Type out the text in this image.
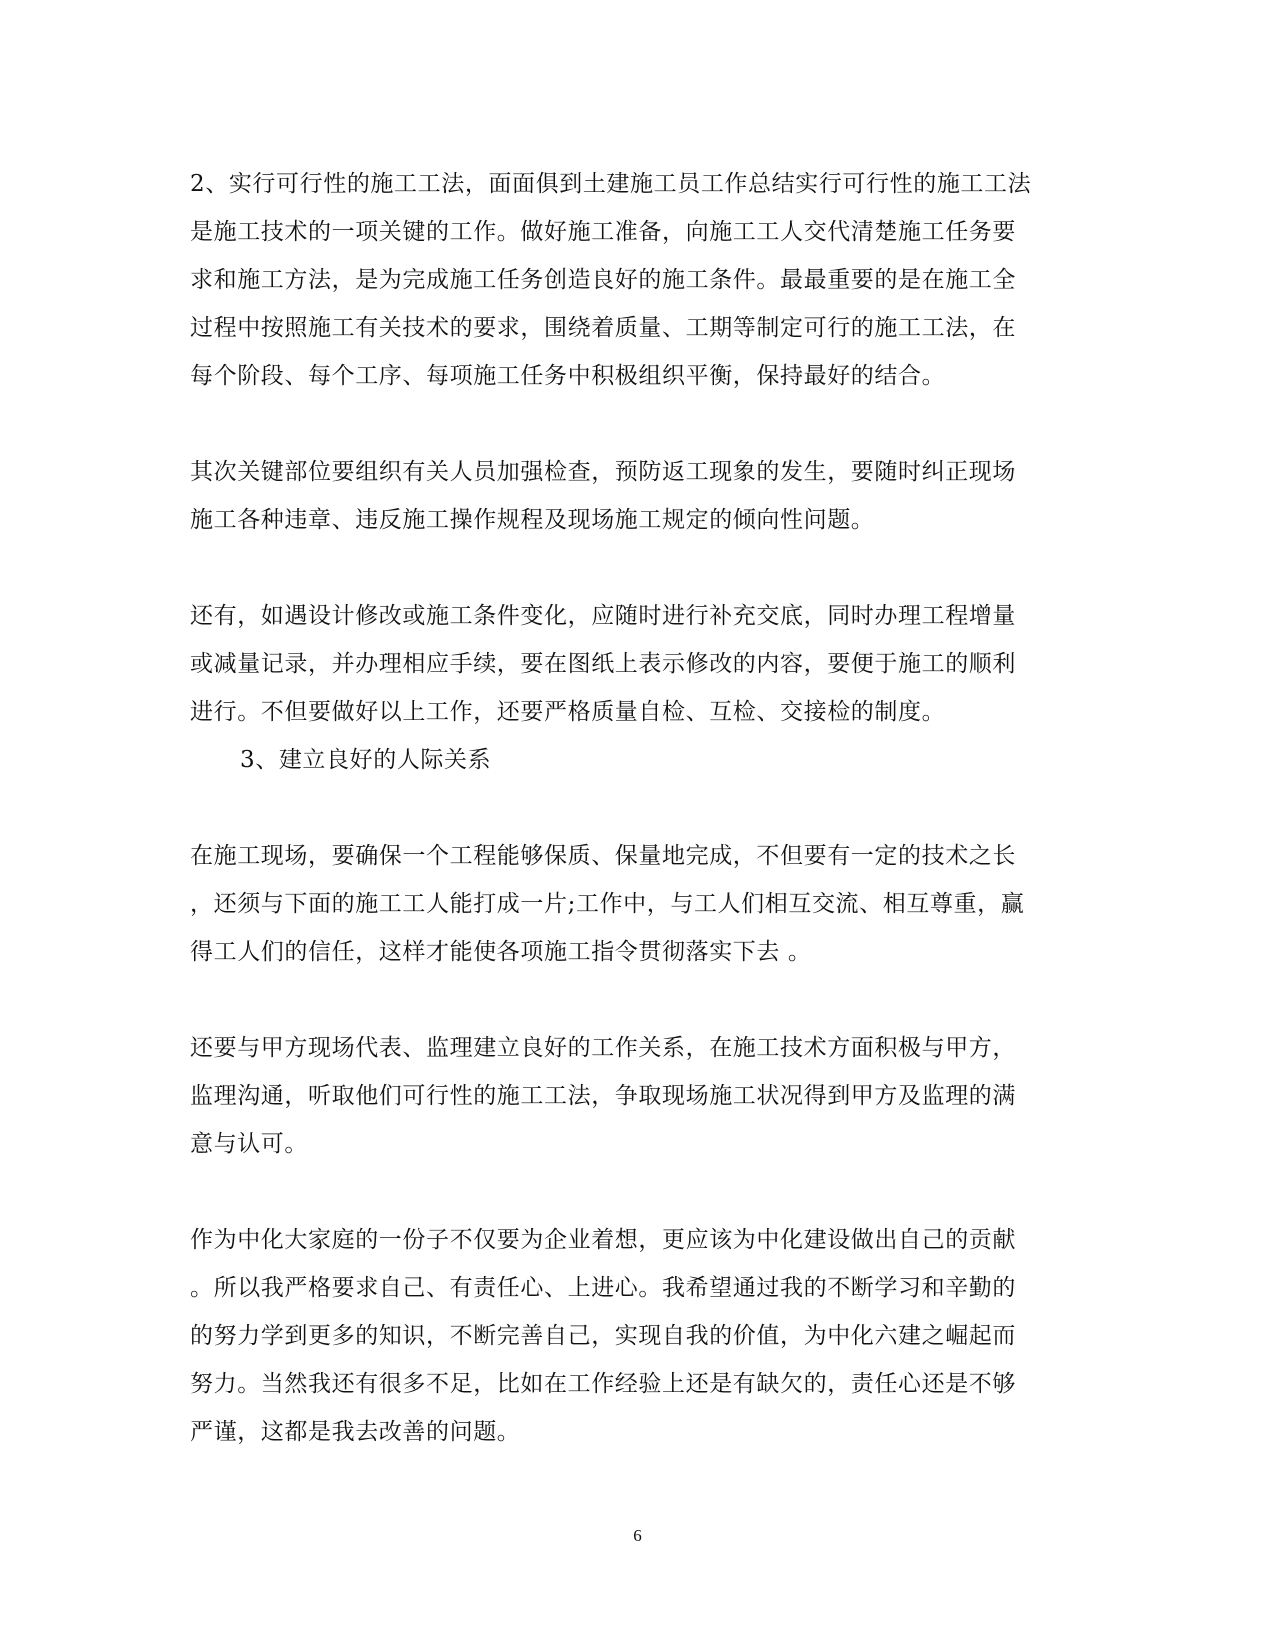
2、实行可行性的施工工法，面面俱到土建施工员工作总结实行可行性的施工工法
是施工技术的一项关键的工作。做好施工准备，向施工工人交代清楚施工任务要
求和施工方法，是为完成施工任务创造良好的施工条件。最最重要的是在施工全
过程中按照施工有关技术的要求，围绕着质量、工期等制定可行的施工工法，在
每个阶段、每个工序、每项施工任务中积极组织平衡，保持最好的结合。
其次关键部位要组织有关人员加强检查，预防返工现象的发生，要随时纠正现场
施工各种违章、违反施工操作规程及现场施工规定的倾向性问题。
还有，如遇设计修改或施工条件变化，应随时进行补充交底，同时办理工程增量
或减量记录，并办理相应手续，要在图纸上表示修改的内容，要便于施工的顺利
进行。不但要做好以上工作，还要严格质量自检、互检、交接检的制度。
3、建立良好的人际关系
在施工现场，要确保一个工程能够保质、保量地完成，不但要有一定的技术之长
，还须与下面的施工工人能打成一片;工作中，与工人们相互交流、相互尊重，赢
得工人们的信任，这样才能使各项施工指令贯彻落实下去 。
还要与甲方现场代表、监理建立良好的工作关系，在施工技术方面积极与甲方，
监理沟通，听取他们可行性的施工工法，争取现场施工状况得到甲方及监理的满
意与认可。
作为中化大家庭的一份子不仅要为企业着想，更应该为中化建设做出自己的贡献
。所以我严格要求自己、有责任心、上进心。我希望通过我的不断学习和辛勤的
的努力学到更多的知识，不断完善自己，实现自我的价值，为中化六建之崛起而
努力。当然我还有很多不足，比如在工作经验上还是有缺欠的，责任心还是不够
严谨，这都是我去改善的问题。
6
